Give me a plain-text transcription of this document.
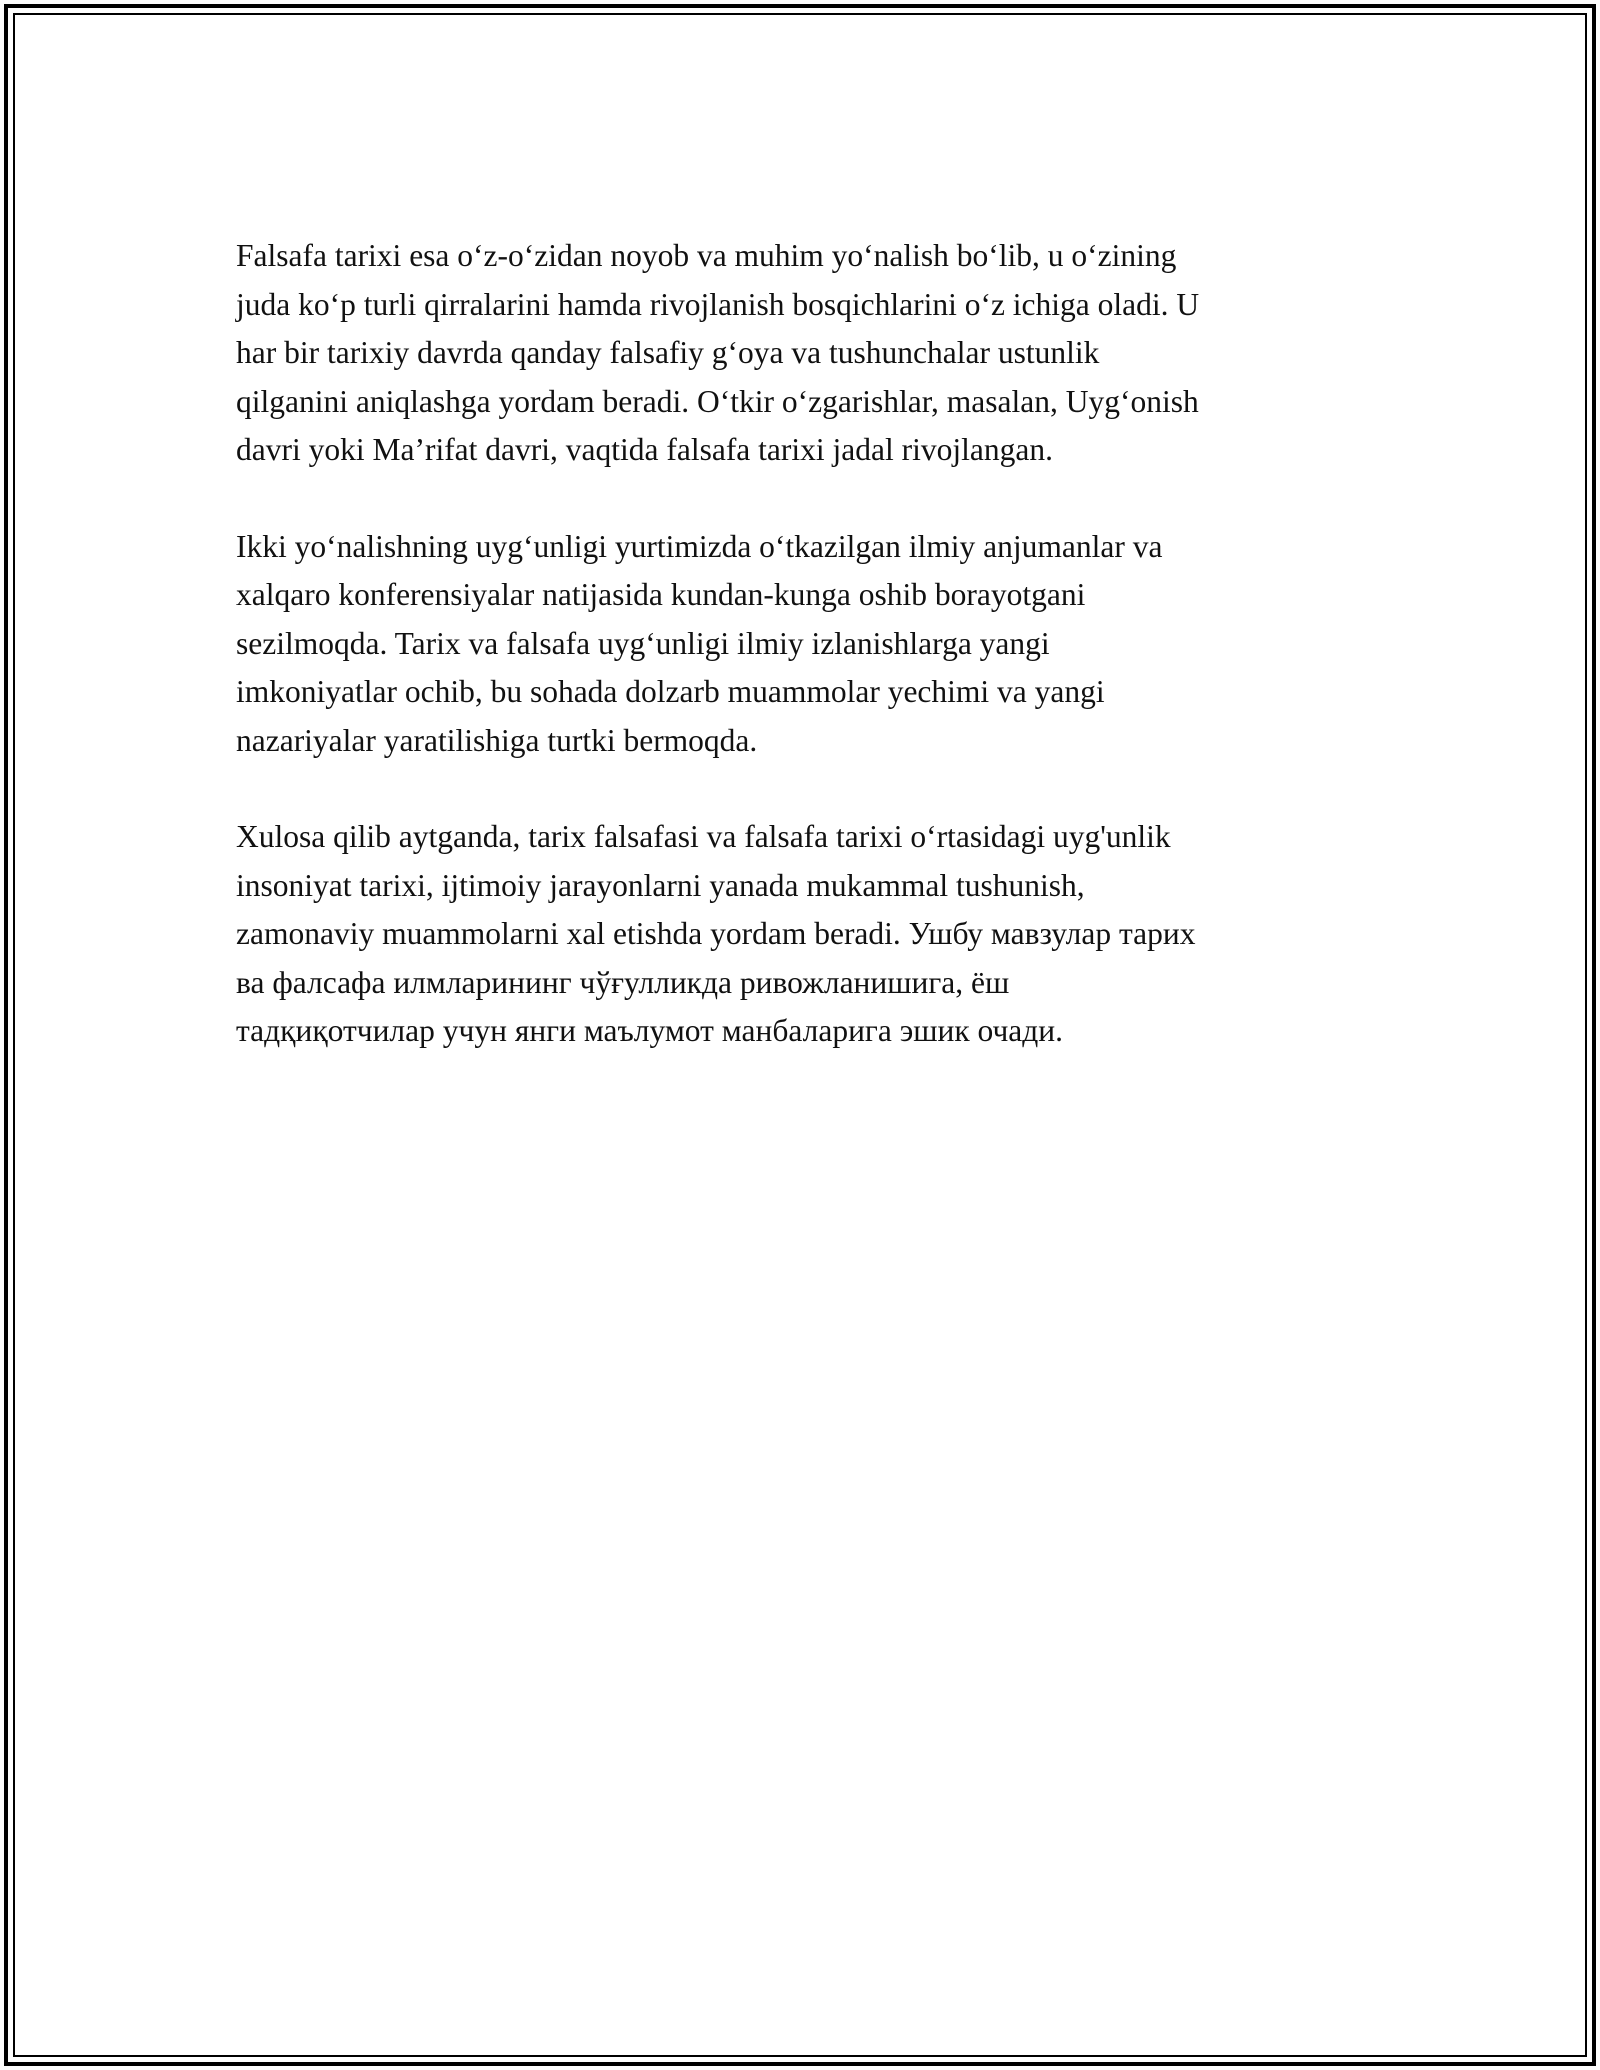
Falsafa tarixi esa o‘z-o‘zidan noyob va muhim yo‘nalish bo‘lib, u o‘zining
juda ko‘p turli qirralarini hamda rivojlanish bosqichlarini o‘z ichiga oladi. U
har bir tarixiy davrda qanday falsafiy g‘oya va tushunchalar ustunlik
qilganini aniqlashga yordam beradi. O‘tkir o‘zgarishlar, masalan, Uyg‘onish
davri yoki Ma’rifat davri, vaqtida falsafa tarixi jadal rivojlangan.

Ikki yo‘nalishning uyg‘unligi yurtimizda o‘tkazilgan ilmiy anjumanlar va
xalqaro konferensiyalar natijasida kundan-kunga oshib borayotgani
sezilmoqda. Tarix va falsafa uyg‘unligi ilmiy izlanishlarga yangi
imkoniyatlar ochib, bu sohada dolzarb muammolar yechimi va yangi
nazariyalar yaratilishiga turtki bermoqda.

Xulosa qilib aytganda, tarix falsafasi va falsafa tarixi o‘rtasidagi uyg'unlik
insoniyat tarixi, ijtimoiy jarayonlarni yanada mukammal tushunish,
zamonaviy muammolarni xal etishda yordam beradi. Ушбу мавзулар тарих
ва фалсафа илмларининг чўғулликда ривожланишига, ёш
тадқиқотчилар учун янги маълумот манбаларига эшик очади.
